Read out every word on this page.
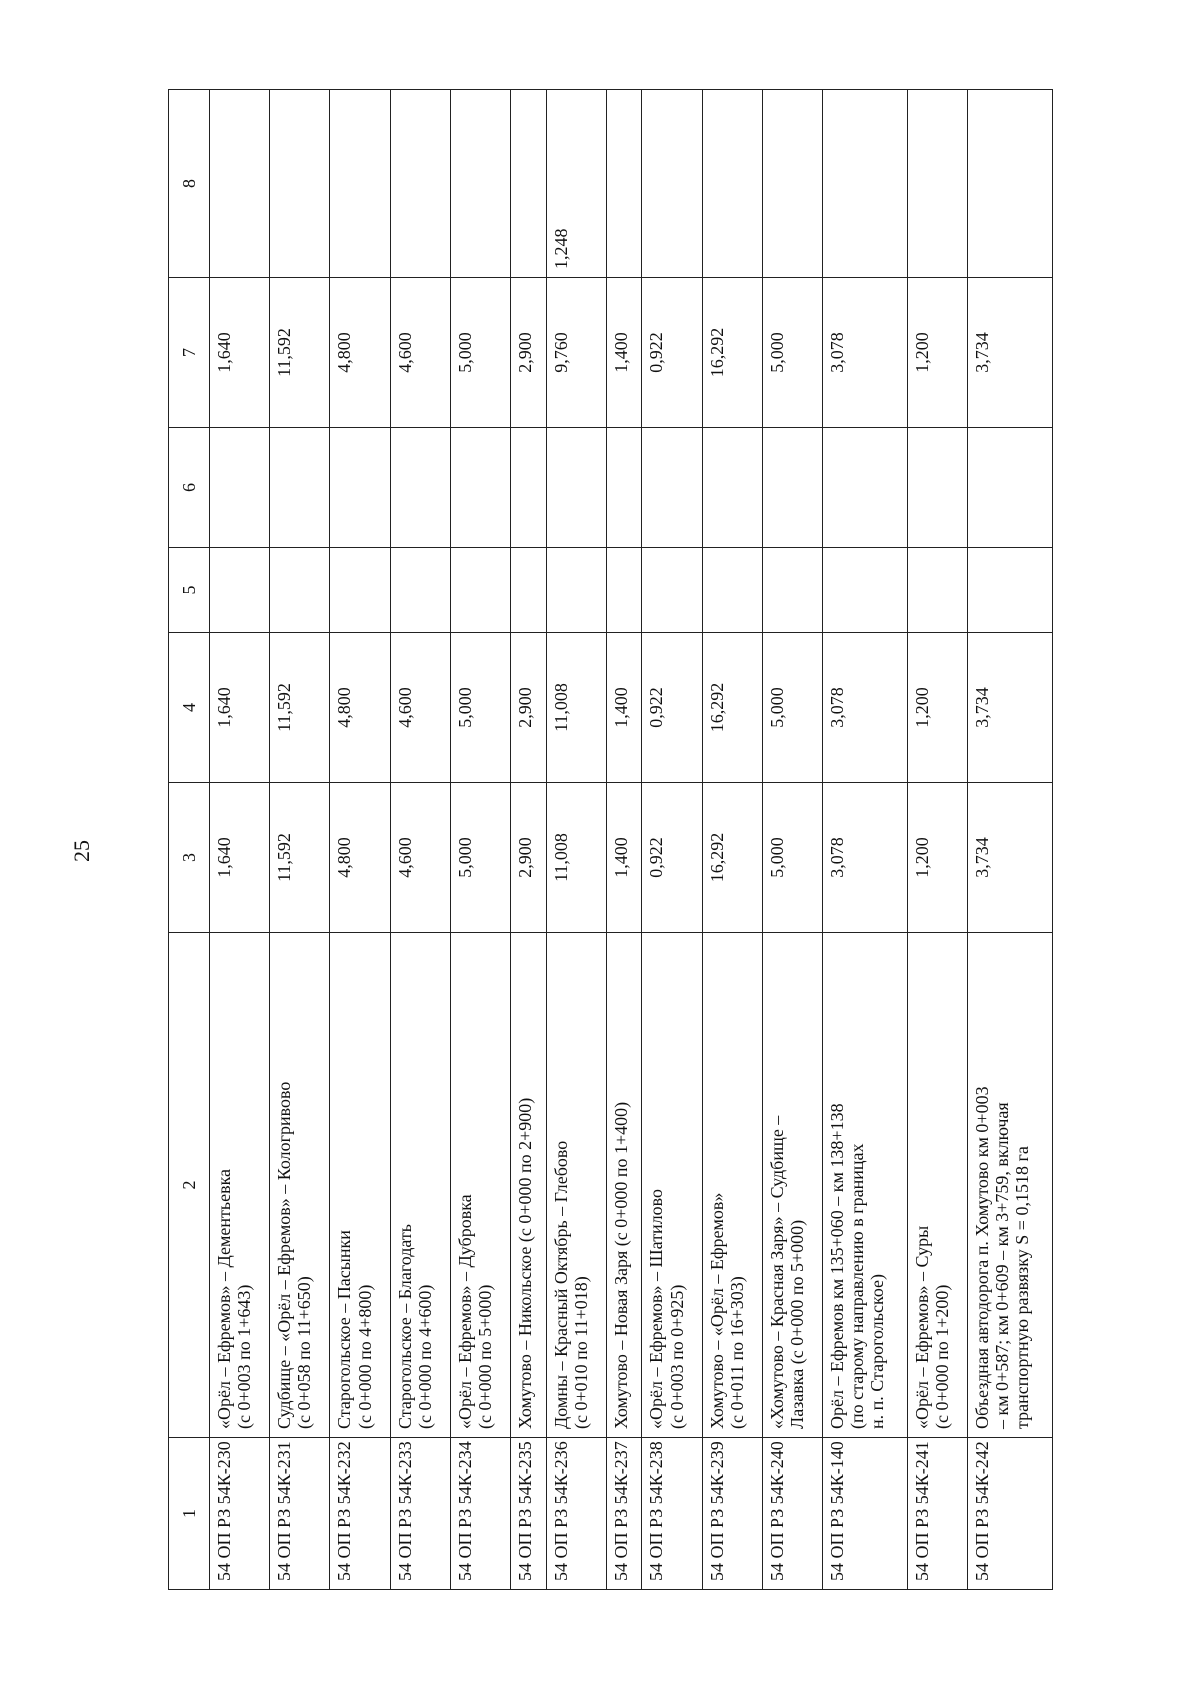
25
1	2	3	4	5	6	7	8
54 ОП РЗ 54К-230	«Орёл – Ефремов» – Дементьевка
(с 0+003 по 1+643)	1,640	1,640			1,640	
54 ОП РЗ 54К-231	Судбище – «Орёл – Ефремов» – Кологривово
(с 0+058 по 11+650)	11,592	11,592			11,592	
54 ОП РЗ 54К-232	Старогольское – Пасынки
(с 0+000 по 4+800)	4,800	4,800			4,800	
54 ОП РЗ 54К-233	Старогольское – Благодать
(с 0+000 по 4+600)	4,600	4,600			4,600	
54 ОП РЗ 54К-234	«Орёл – Ефремов» – Дубровка
(с 0+000 по 5+000)	5,000	5,000			5,000	
54 ОП РЗ 54К-235	Хомутово – Никольское (с 0+000 по 2+900)	2,900	2,900			2,900	
54 ОП РЗ 54К-236	Домны – Красный Октябрь – Глебово
(с 0+010 по 11+018)	11,008	11,008			9,760	1,248
54 ОП РЗ 54К-237	Хомутово – Новая Заря (с 0+000 по 1+400)	1,400	1,400			1,400	
54 ОП РЗ 54К-238	«Орёл – Ефремов» – Шатилово
(с 0+003 по 0+925)	0,922	0,922			0,922	
54 ОП РЗ 54К-239	Хомутово – «Орёл – Ефремов»
(с 0+011 по 16+303)	16,292	16,292			16,292	
54 ОП РЗ 54К-240	«Хомутово – Красная Заря» – Судбище –
Лазавка (с 0+000 по 5+000)	5,000	5,000			5,000	
54 ОП РЗ 54К-140	Орёл – Ефремов км 135+060 – км 138+138
(по старому направлению в границах
н. п. Старогольское)	3,078	3,078			3,078	
54 ОП РЗ 54К-241	«Орёл – Ефремов» – Суры
(с 0+000 по 1+200)	1,200	1,200			1,200	
54 ОП РЗ 54К-242	Объездная автодорога п. Хомутово км 0+003
– км 0+587; км 0+609 – км 3+759, включая
транспортную развязку S = 0,1518 га	3,734	3,734			3,734	
